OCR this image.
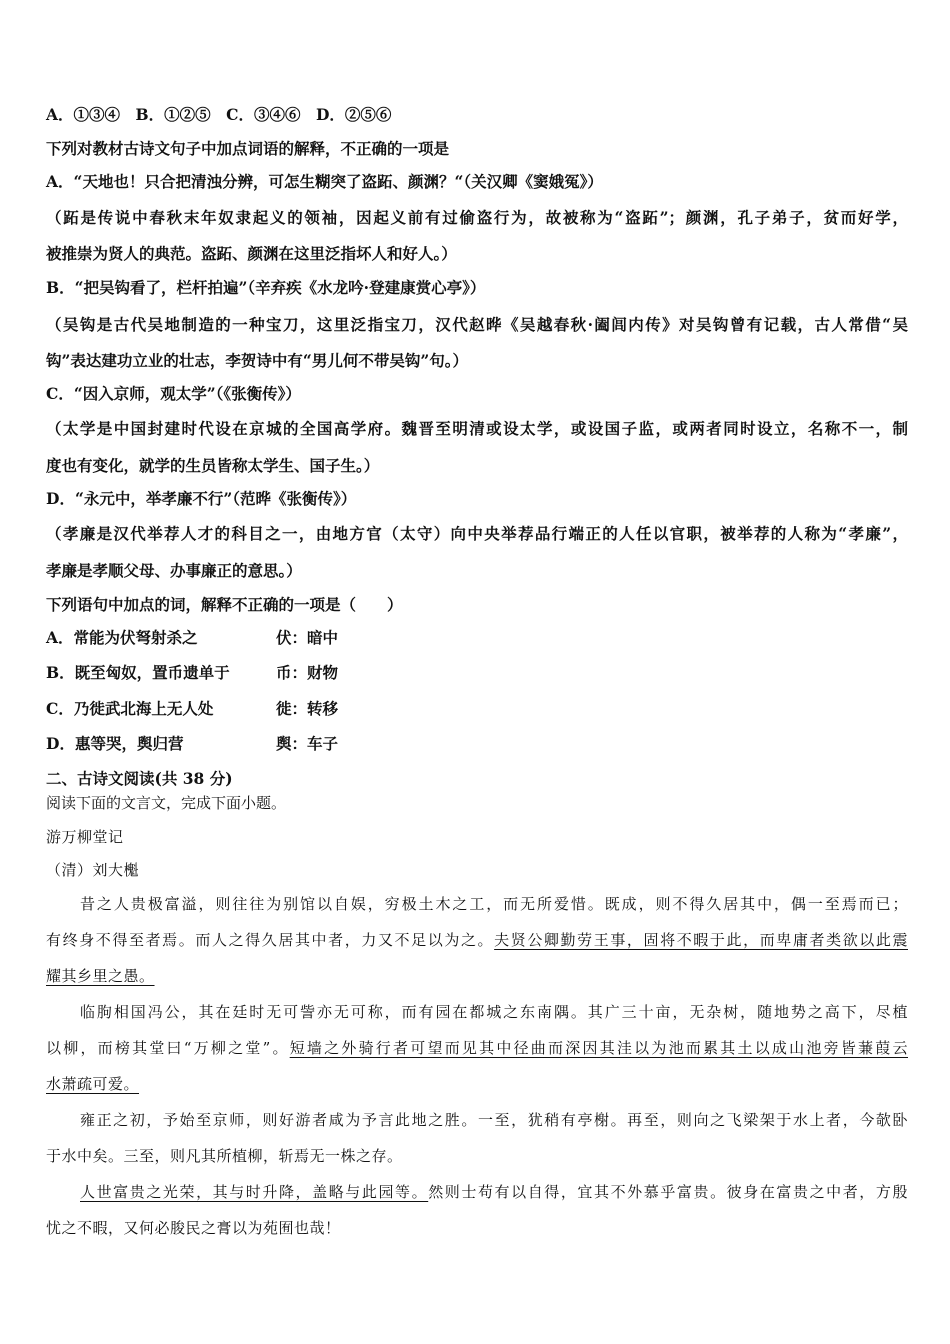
A．①③④　B．①②⑤　C．③④⑥　D．②⑤⑥
下列对教材古诗文句子中加点词语的解释，不正确的一项是
A．“天地也！只合把清浊分辨，可怎生糊突了盗跖、颜渊？“（关汉卿《窦娥冤》）
（跖是传说中春秋末年奴隶起义的领袖，因起义前有过偷盗行为，故被称为“盗跖”；颜渊，孔子弟子，贫而好学，
被推崇为贤人的典范。盗跖、颜渊在这里泛指坏人和好人。）
B．“把吴钩看了，栏杆拍遍”（辛弃疾《水龙吟·登建康赏心亭》）
（吴钩是古代吴地制造的一种宝刀，这里泛指宝刀，汉代赵晔《吴越春秋·阖闾内传》对吴钩曾有记载，古人常借“吴
钩”表达建功立业的壮志，李贺诗中有“男儿何不带吴钩”句。）
C．“因入京师，观太学”（《张衡传》）
（太学是中国封建时代设在京城的全国高学府。魏晋至明清或设太学，或设国子监，或两者同时设立，名称不一，制
度也有变化，就学的生员皆称太学生、国子生。）
D．“永元中，举孝廉不行”（范晔《张衡传》）
（孝廉是汉代举荐人才的科目之一，由地方官（太守）向中央举荐品行端正的人任以官职，被举荐的人称为“孝廉”，
孝廉是孝顺父母、办事廉正的意思。）
下列语句中加点的词，解释不正确的一项是（　　）
A．常能为伏弩射杀之	伏：暗中
B．既至匈奴，置币遗单于	币：财物
C．乃徙武北海上无人处	徙：转移
D．惠等哭，舆归营	舆：车子
二、古诗文阅读(共 38 分)
阅读下面的文言文，完成下面小题。
游万柳堂记
（清）刘大櫆
昔之人贵极富溢，则往往为别馆以自娱，穷极土木之工，而无所爱惜。既成，则不得久居其中，偶一至焉而已；
有终身不得至者焉。而人之得久居其中者，力又不足以为之。夫贤公卿勤劳王事，固将不暇于此，而卑庸者类欲以此震
耀其乡里之愚。
临朐相国冯公，其在廷时无可訾亦无可称，而有园在都城之东南隅。其广三十亩，无杂树，随地势之高下，尽植
以柳，而榜其堂曰“万柳之堂”。短墙之外骑行者可望而见其中径曲而深因其洼以为池而累其土以成山池旁皆蒹葭云
水萧疏可爱。
雍正之初，予始至京师，则好游者咸为予言此地之胜。一至，犹稍有亭榭。再至，则向之飞梁架于水上者，今欹卧
于水中矣。三至，则凡其所植柳，斩焉无一株之存。
人世富贵之光荣，其与时升降，盖略与此园等。然则士苟有以自得，宜其不外慕乎富贵。彼身在富贵之中者，方殷
忧之不暇，又何必朘民之膏以为苑囿也哉！
